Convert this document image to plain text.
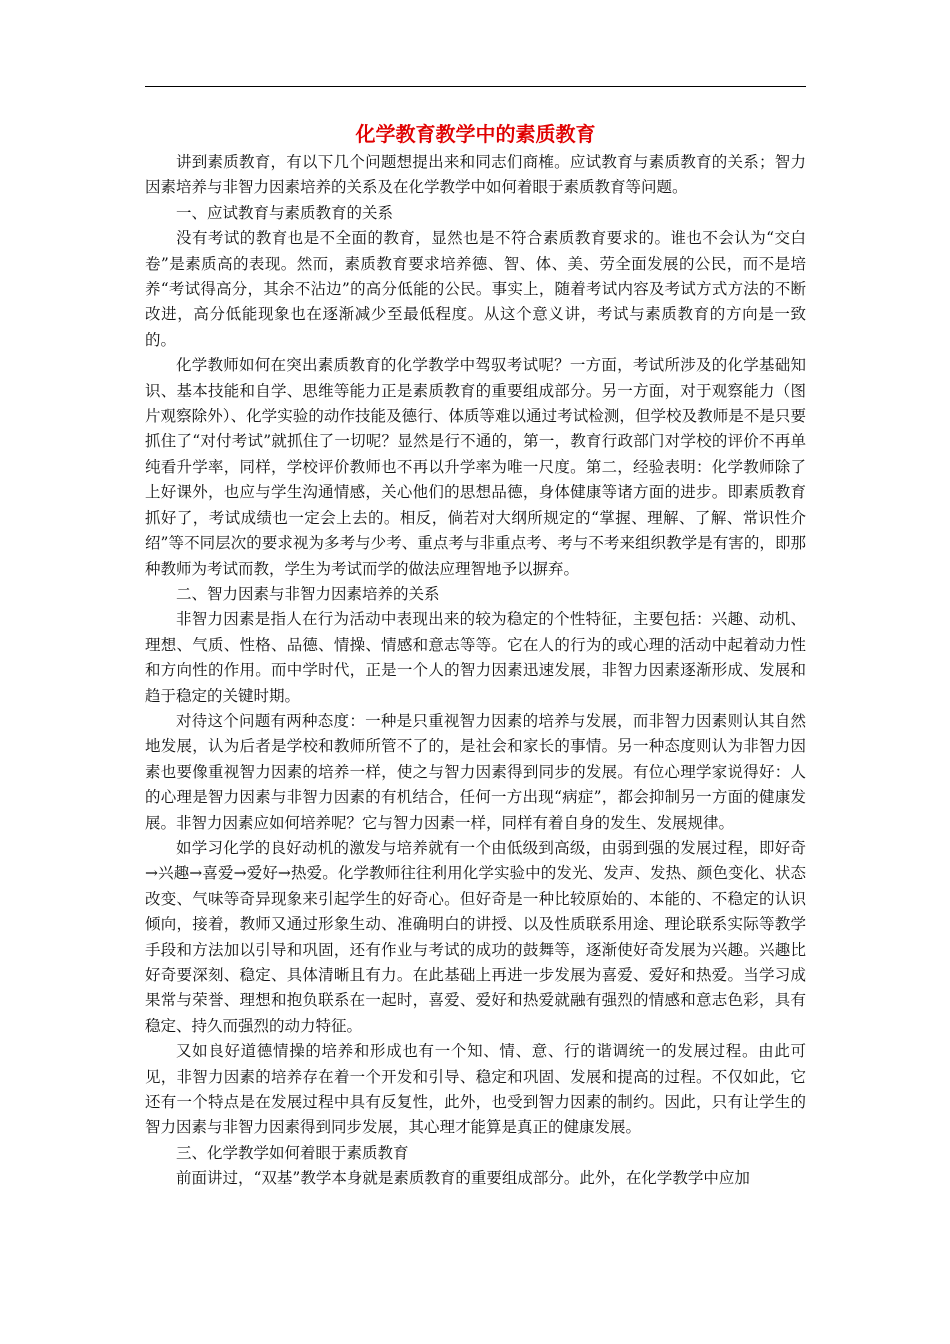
化学教育教学中的素质教育

讲到素质教育，有以下几个问题想提出来和同志们商榷。应试教育与素质教育的关系；智力因素培养与非智力因素培养的关系及在化学教学中如何着眼于素质教育等问题。

一、应试教育与素质教育的关系

没有考试的教育也是不全面的教育，显然也是不符合素质教育要求的。谁也不会认为“交白卷”是素质高的表现。然而，素质教育要求培养德、智、体、美、劳全面发展的公民，而不是培养“考试得高分，其余不沾边”的高分低能的公民。事实上，随着考试内容及考试方式方法的不断改进，高分低能现象也在逐渐减少至最低程度。从这个意义讲，考试与素质教育的方向是一致的。

化学教师如何在突出素质教育的化学教学中驾驭考试呢？一方面，考试所涉及的化学基础知识、基本技能和自学、思维等能力正是素质教育的重要组成部分。另一方面，对于观察能力（图片观察除外）、化学实验的动作技能及德行、体质等难以通过考试检测，但学校及教师是不是只要抓住了“对付考试”就抓住了一切呢？显然是行不通的，第一，教育行政部门对学校的评价不再单纯看升学率，同样，学校评价教师也不再以升学率为唯一尺度。第二，经验表明：化学教师除了上好课外，也应与学生沟通情感，关心他们的思想品德，身体健康等诸方面的进步。即素质教育抓好了，考试成绩也一定会上去的。相反，倘若对大纲所规定的“掌握、理解、了解、常识性介绍”等不同层次的要求视为多考与少考、重点考与非重点考、考与不考来组织教学是有害的，即那种教师为考试而教，学生为考试而学的做法应理智地予以摒弃。

二、智力因素与非智力因素培养的关系

非智力因素是指人在行为活动中表现出来的较为稳定的个性特征，主要包括：兴趣、动机、理想、气质、性格、品德、情操、情感和意志等等。它在人的行为的或心理的活动中起着动力性和方向性的作用。而中学时代，正是一个人的智力因素迅速发展，非智力因素逐渐形成、发展和趋于稳定的关键时期。

对待这个问题有两种态度：一种是只重视智力因素的培养与发展，而非智力因素则认其自然地发展，认为后者是学校和教师所管不了的，是社会和家长的事情。另一种态度则认为非智力因素也要像重视智力因素的培养一样，使之与智力因素得到同步的发展。有位心理学家说得好：人的心理是智力因素与非智力因素的有机结合，任何一方出现“病症”，都会抑制另一方面的健康发展。非智力因素应如何培养呢？它与智力因素一样，同样有着自身的发生、发展规律。

如学习化学的良好动机的激发与培养就有一个由低级到高级，由弱到强的发展过程，即好奇→兴趣→喜爱→爱好→热爱。化学教师往往利用化学实验中的发光、发声、发热、颜色变化、状态改变、气味等奇异现象来引起学生的好奇心。但好奇是一种比较原始的、本能的、不稳定的认识倾向，接着，教师又通过形象生动、准确明白的讲授、以及性质联系用途、理论联系实际等教学手段和方法加以引导和巩固，还有作业与考试的成功的鼓舞等，逐渐使好奇发展为兴趣。兴趣比好奇要深刻、稳定、具体清晰且有力。在此基础上再进一步发展为喜爱、爱好和热爱。当学习成果常与荣誉、理想和抱负联系在一起时，喜爱、爱好和热爱就融有强烈的情感和意志色彩，具有稳定、持久而强烈的动力特征。

又如良好道德情操的培养和形成也有一个知、情、意、行的谐调统一的发展过程。由此可见，非智力因素的培养存在着一个开发和引导、稳定和巩固、发展和提高的过程。不仅如此，它还有一个特点是在发展过程中具有反复性，此外，也受到智力因素的制约。因此，只有让学生的智力因素与非智力因素得到同步发展，其心理才能算是真正的健康发展。

三、化学教学如何着眼于素质教育

前面讲过，“双基”教学本身就是素质教育的重要组成部分。此外，在化学教学中应加
